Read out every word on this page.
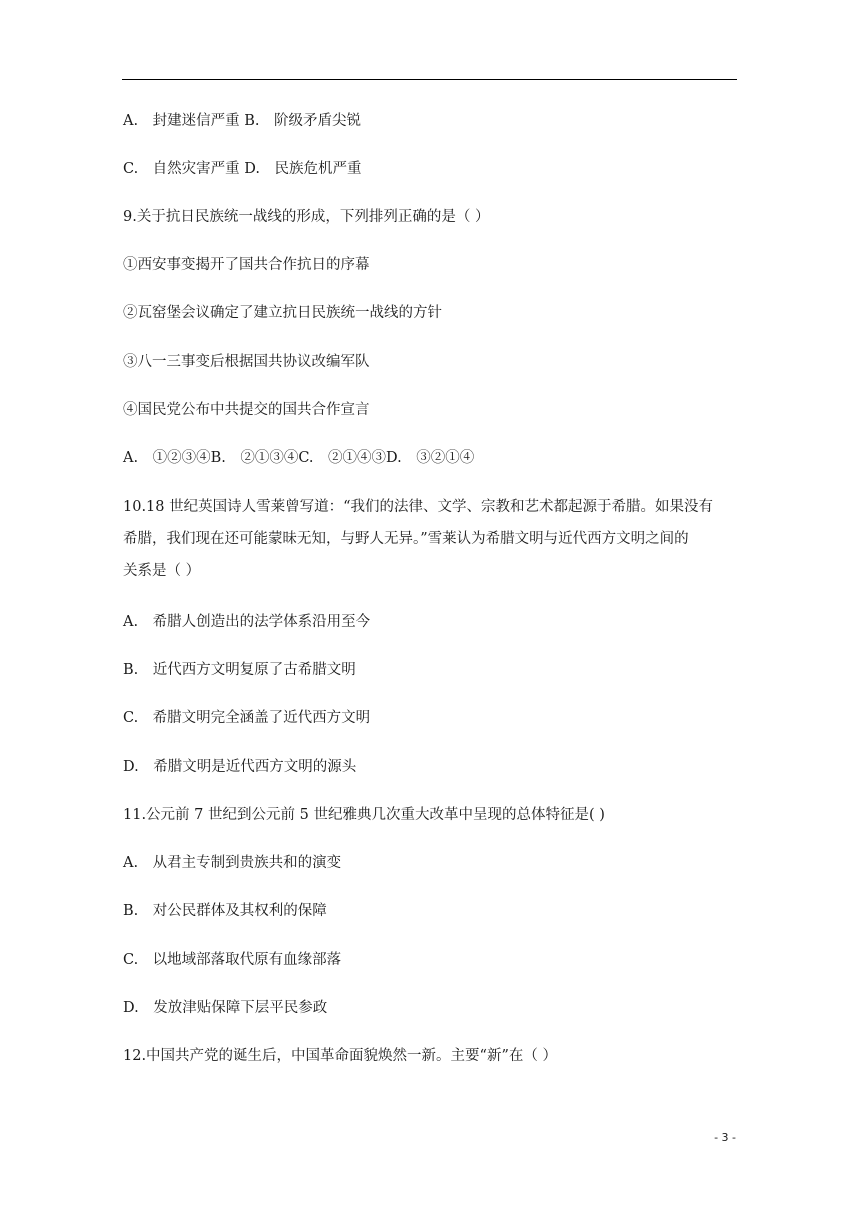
A.　封建迷信严重 B.　阶级矛盾尖锐
C.　自然灾害严重 D.　民族危机严重
9.关于抗日民族统一战线的形成，下列排列正确的是（ ）
①西安事变揭开了国共合作抗日的序幕
②瓦窑堡会议确定了建立抗日民族统一战线的方针
③八一三事变后根据国共协议改编军队
④国民党公布中共提交的国共合作宣言
A.　①②③④B.　②①③④C.　②①④③D.　③②①④
10.18 世纪英国诗人雪莱曾写道：“我们的法律、文学、宗教和艺术都起源于希腊。如果没有
希腊，我们现在还可能蒙昧无知，与野人无异。”雪莱认为希腊文明与近代西方文明之间的
关系是（ ）
A.　希腊人创造出的法学体系沿用至今
B.　近代西方文明复原了古希腊文明
C.　希腊文明完全涵盖了近代西方文明
D.　希腊文明是近代西方文明的源头
11.公元前 7 世纪到公元前 5 世纪雅典几次重大改革中呈现的总体特征是( )
A.　从君主专制到贵族共和的演变
B.　对公民群体及其权利的保障
C.　以地域部落取代原有血缘部落
D.　发放津贴保障下层平民参政
12.中国共产党的诞生后，中国革命面貌焕然一新。主要“新”在（ ）
- 3 -
